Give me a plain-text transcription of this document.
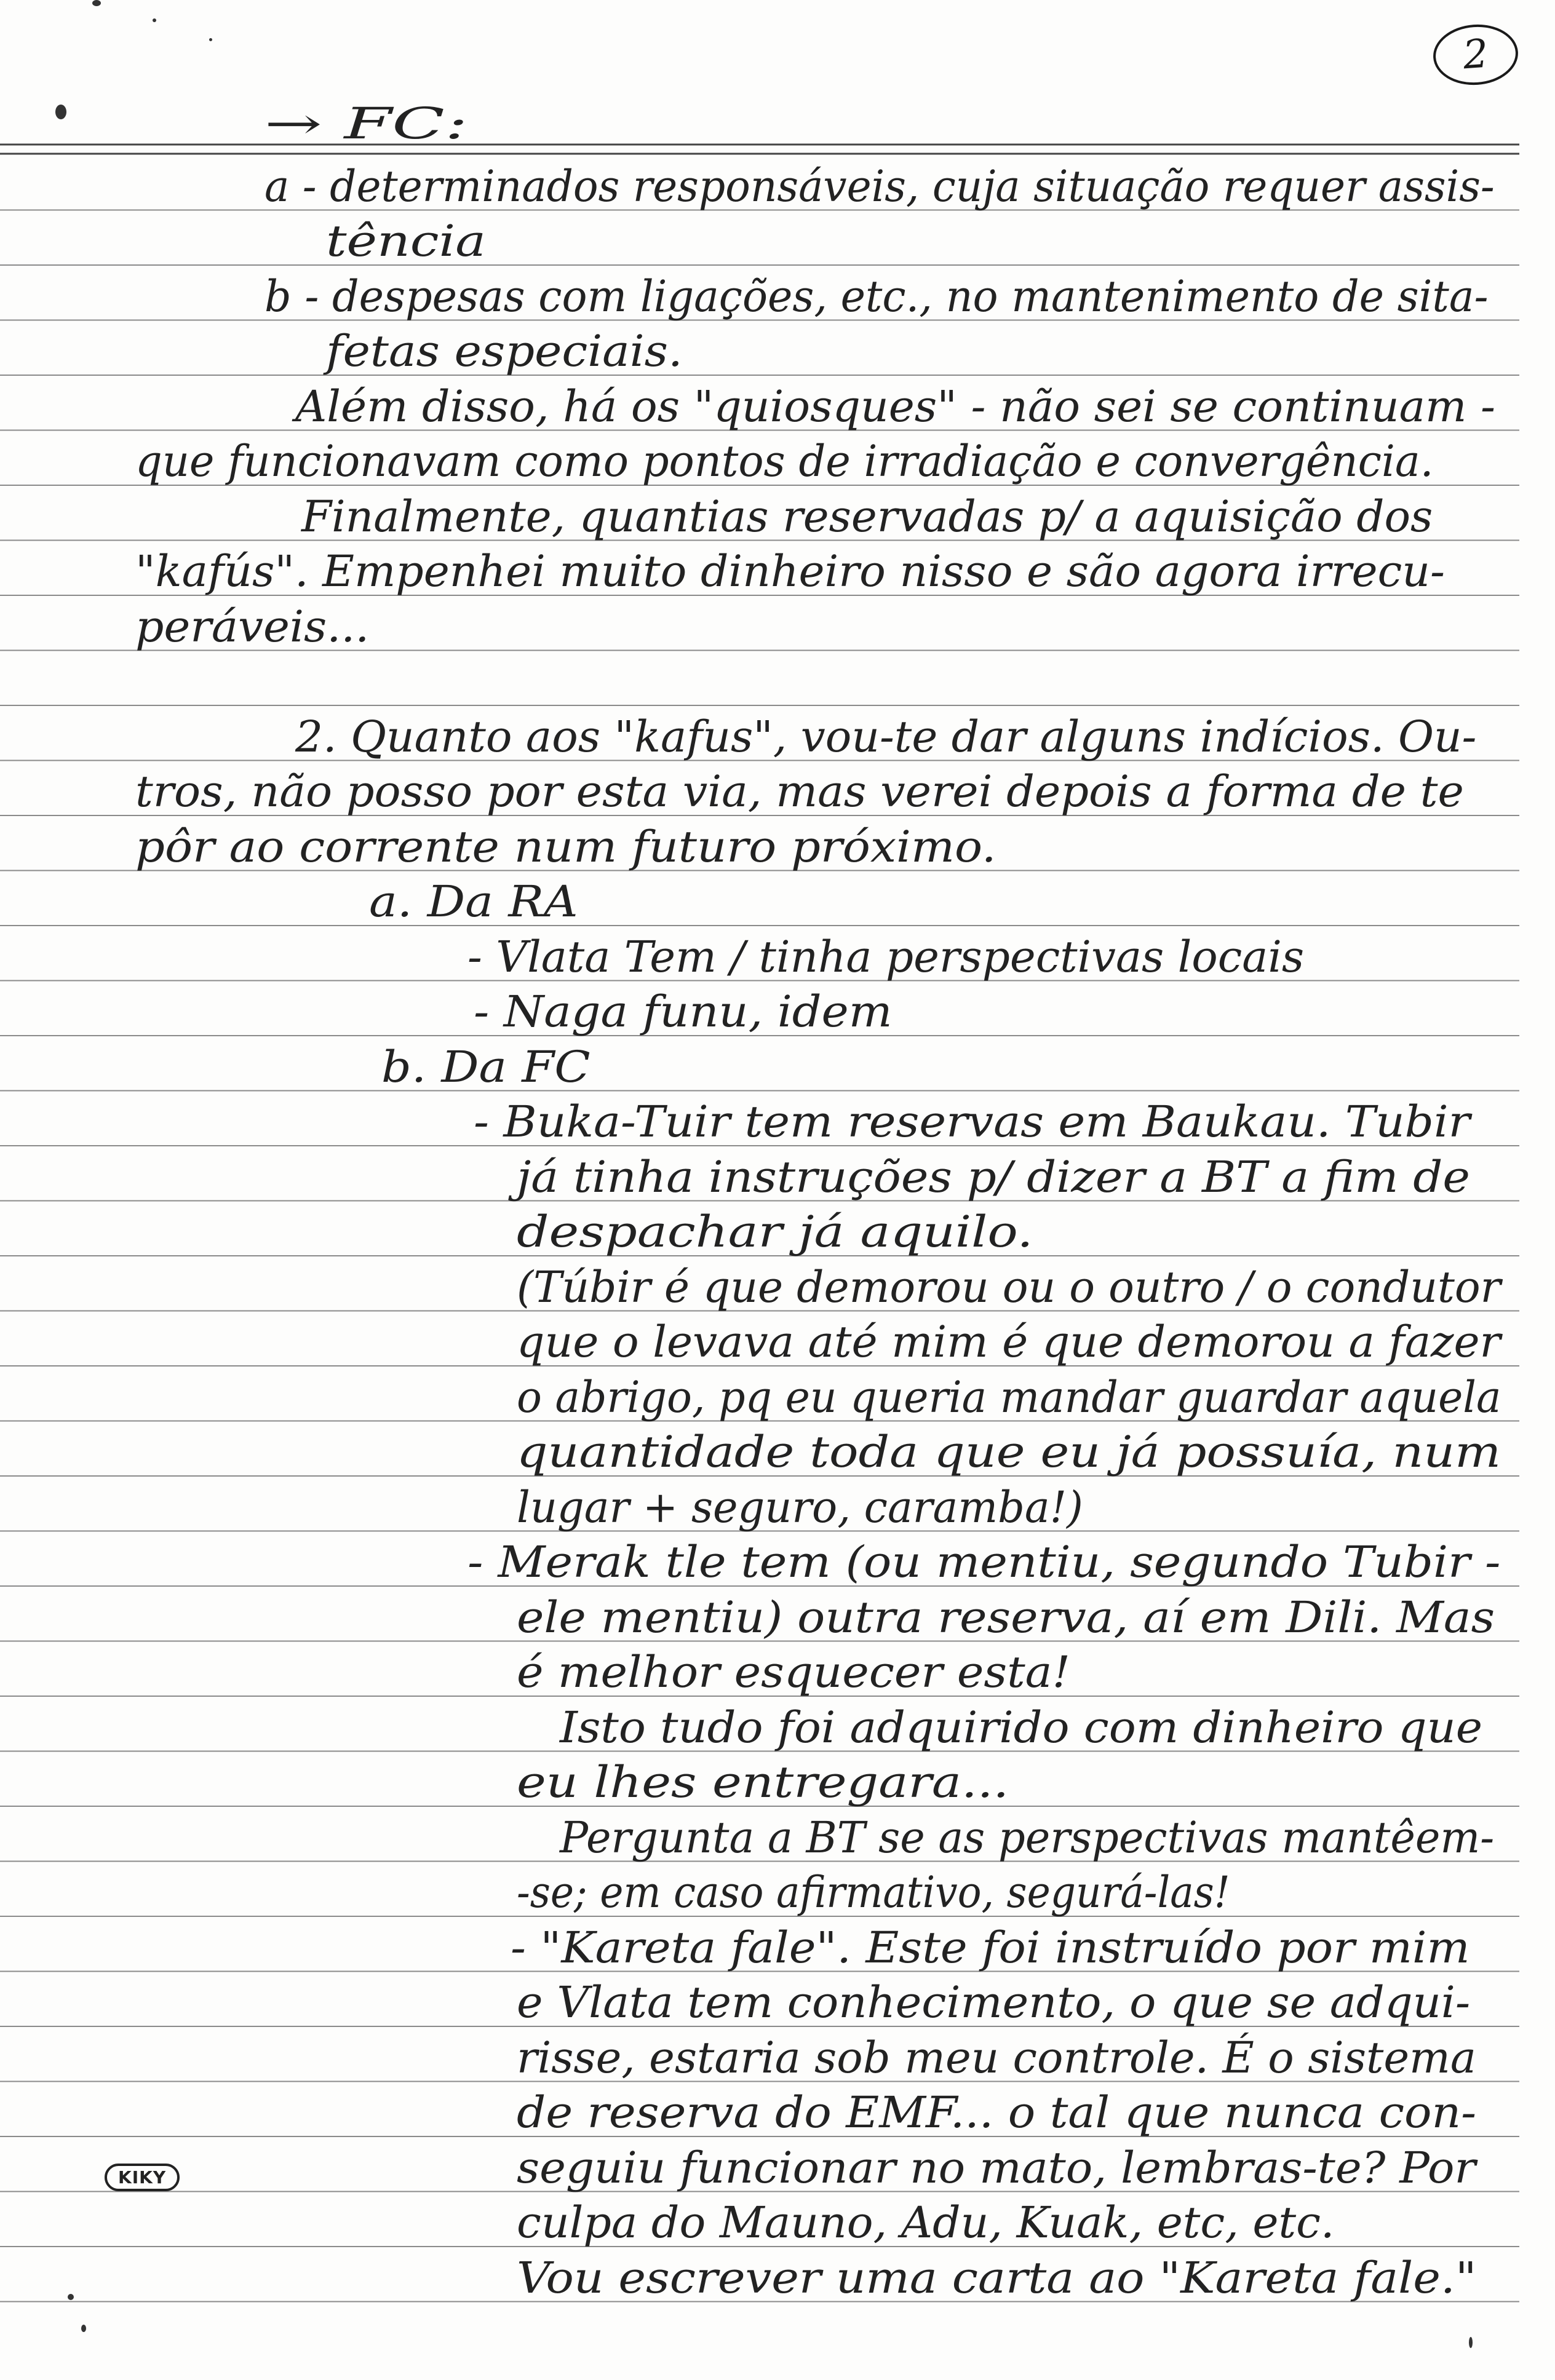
2
→ FC:
a - determinados responsáveis, cuja situação requer assis-
tência
b - despesas com ligações, etc., no mantenimento de sita-
fetas especiais.
Além disso, há os "quiosques" - não sei se continuam -
que funcionavam como pontos de irradiação e convergência.
Finalmente, quantias reservadas p/ a aquisição dos
"kafús". Empenhei muito dinheiro nisso e são agora irrecu-
peráveis...
2. Quanto aos "kafus", vou-te dar alguns indícios. Ou-
tros, não posso por esta via, mas verei depois a forma de te
pôr ao corrente num futuro próximo.
a. Da RA
- Vlata Tem / tinha perspectivas locais
- Naga funu, idem
b. Da FC
- Buka-Tuir tem reservas em Baukau. Tubir
já tinha instruções p/ dizer a BT a fim de
despachar já aquilo.
(Túbir é que demorou ou o outro / o condutor
que o levava até mim é que demorou a fazer
o abrigo, pq eu queria mandar guardar aquela
quantidade toda que eu já possuía, num
lugar + seguro, caramba!)
- Merak tle tem (ou mentiu, segundo Tubir -
ele mentiu) outra reserva, aí em Dili. Mas
é melhor esquecer esta!
Isto tudo foi adquirido com dinheiro que
eu lhes entregara...
Pergunta a BT se as perspectivas mantêem-
-se; em caso afirmativo, segurá-las!
- "Kareta fale". Este foi instruído por mim
e Vlata tem conhecimento, o que se adqui-
risse, estaria sob meu controle. É o sistema
de reserva do EMF... o tal que nunca con-
seguiu funcionar no mato, lembras-te? Por
culpa do Mauno, Adu, Kuak, etc, etc.
Vou escrever uma carta ao "Kareta fale."
KIKY
